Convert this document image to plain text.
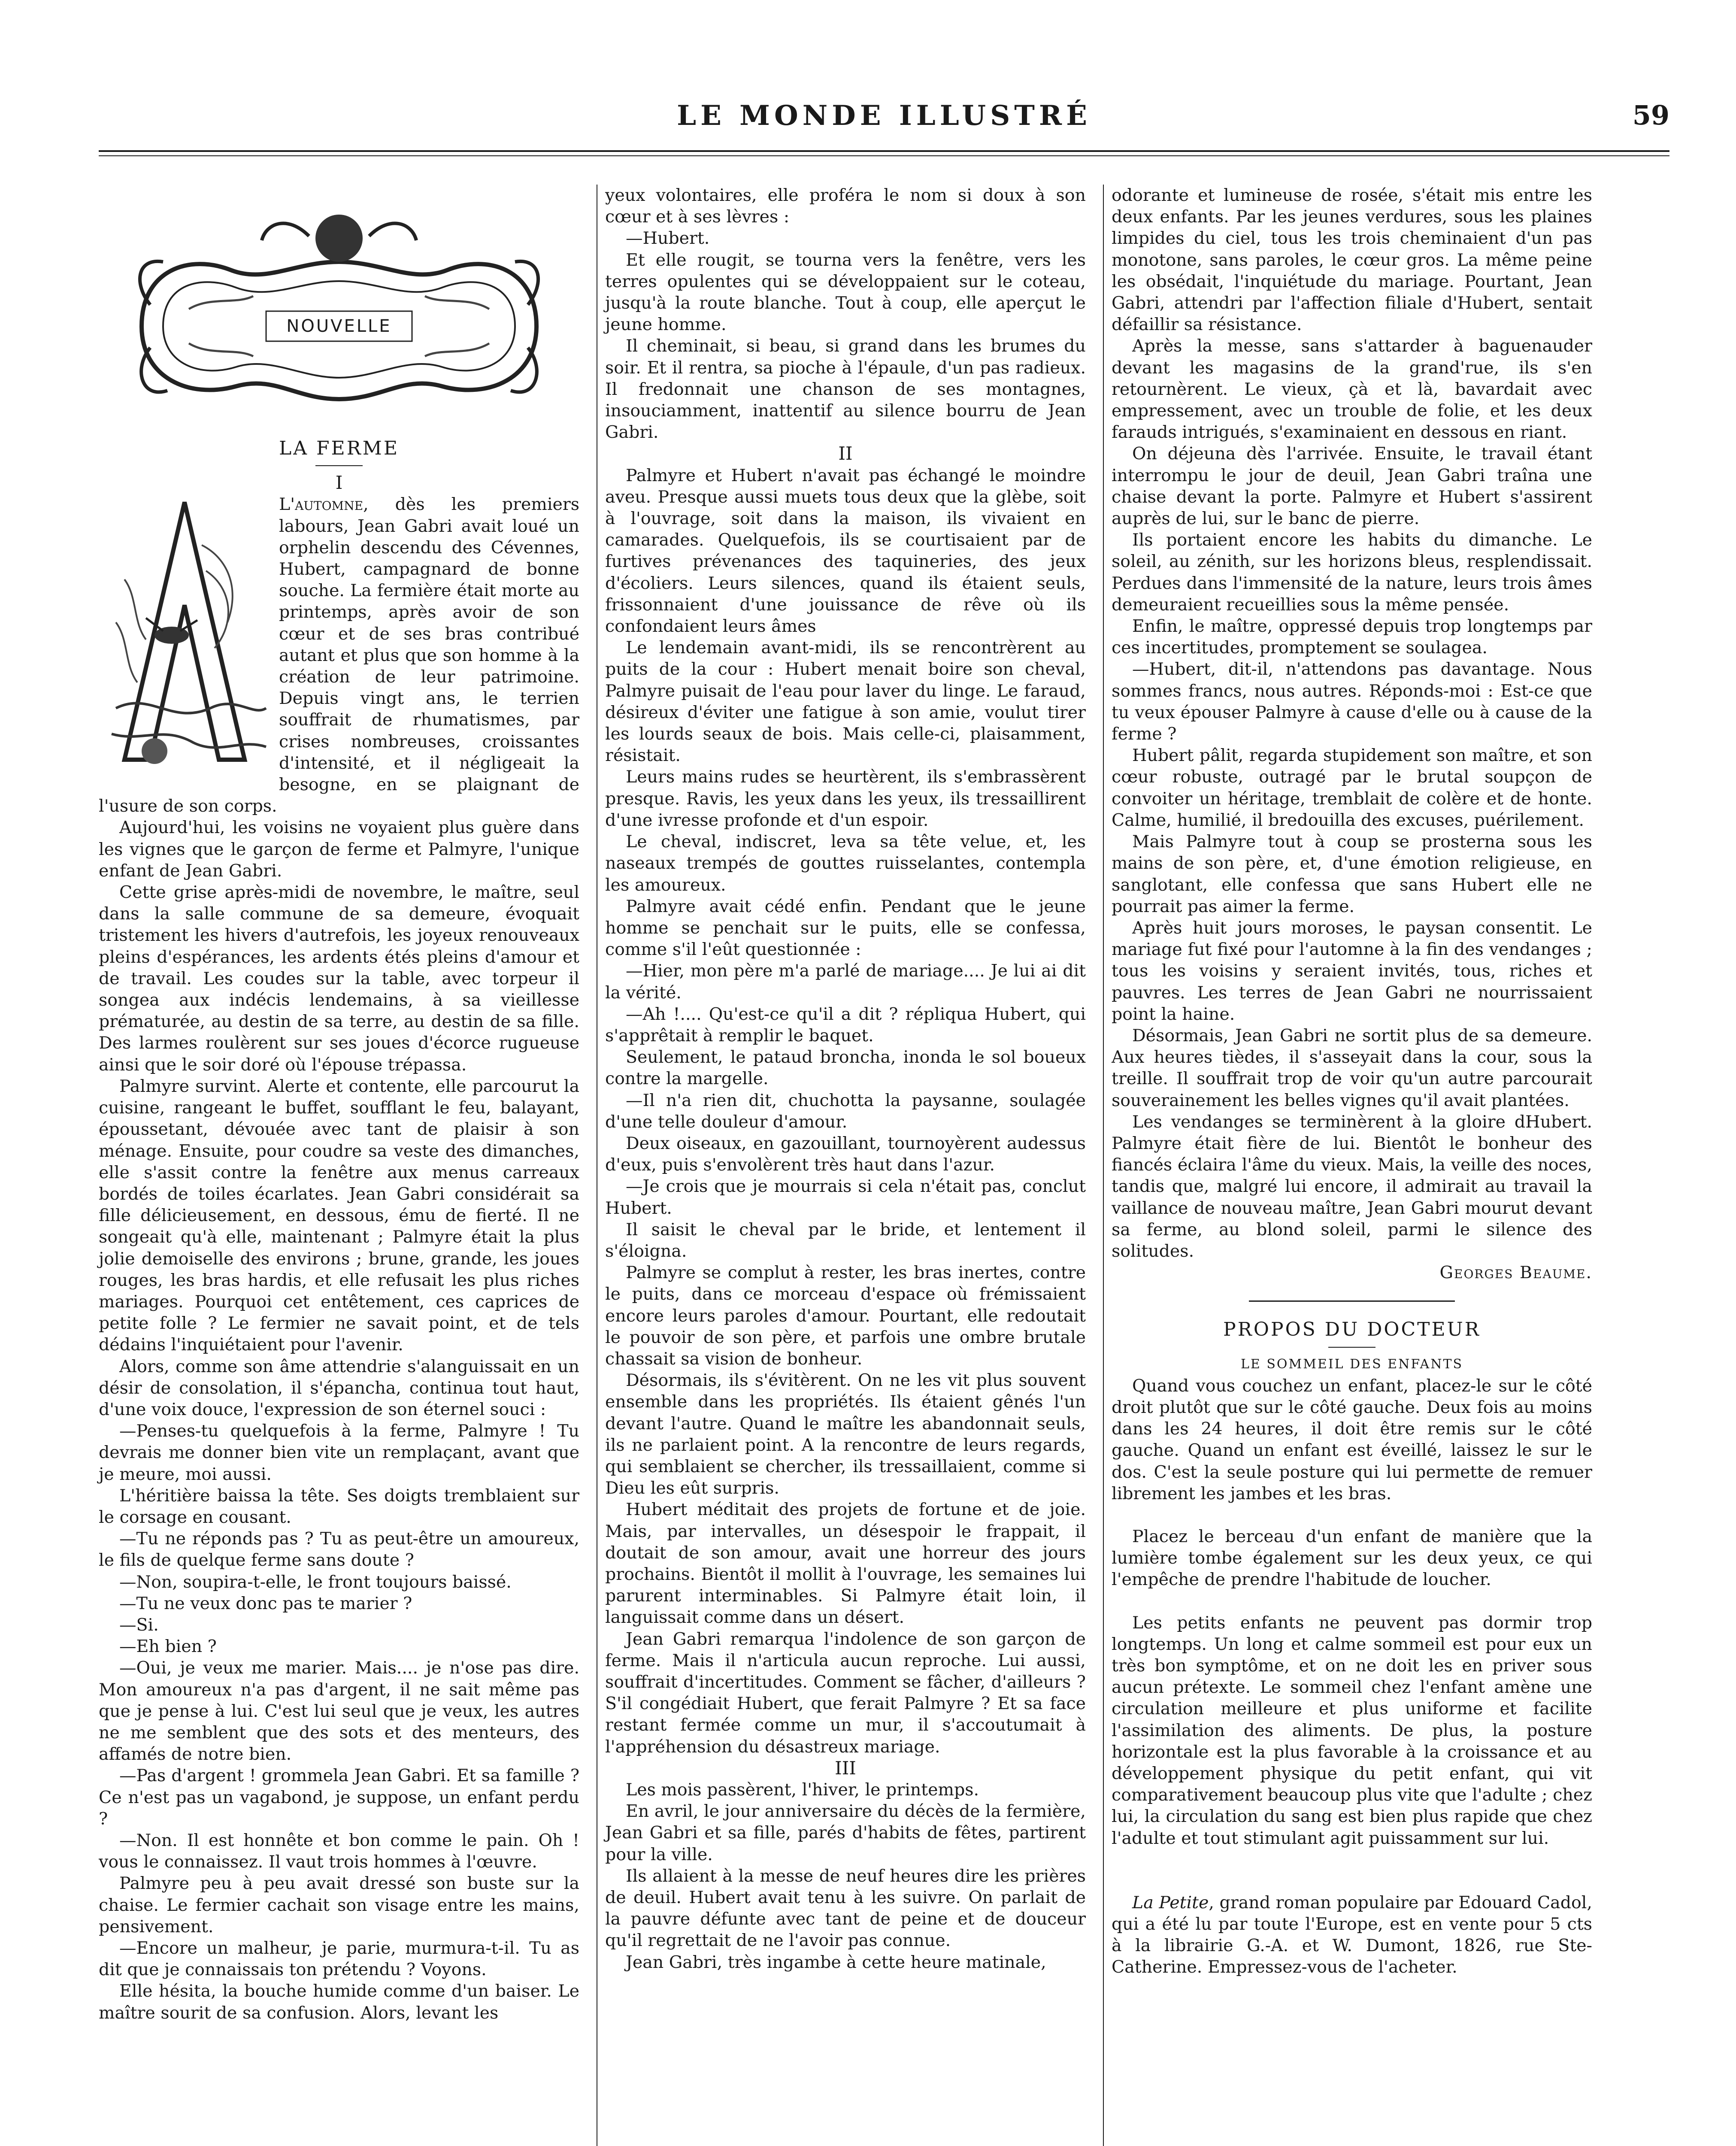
LE MONDE ILLUSTRÉ	59
NOUVELLE

LA FERME

I

L'automne, dès les premiers labours, Jean Gabri avait loué un orphelin descendu des Cévennes, Hubert, campagnard de bonne souche. La fermière était morte au printemps, après avoir de son cœur et de ses bras contribué autant et plus que son homme à la création de leur patrimoine. Depuis vingt ans, le terrien souffrait de rhumatismes, par crises nombreuses, croissantes d'intensité, et il négligeait la besogne, en se plaignant de l'usure de son corps.

Aujourd'hui, les voisins ne voyaient plus guère dans les vignes que le garçon de ferme et Palmyre, l'unique enfant de Jean Gabri.

Cette grise après-midi de novembre, le maître, seul dans la salle commune de sa demeure, évoquait tristement les hivers d'autrefois, les joyeux renouveaux pleins d'espérances, les ardents étés pleins d'amour et de travail. Les coudes sur la table, avec torpeur il songea aux indécis lendemains, à sa vieillesse prématurée, au destin de sa terre, au destin de sa fille. Des larmes roulèrent sur ses joues d'écorce rugueuse ainsi que le soir doré où l'épouse trépassa.

Palmyre survint. Alerte et contente, elle parcourut la cuisine, rangeant le buffet, soufflant le feu, balayant, époussetant, dévouée avec tant de plaisir à son ménage. Ensuite, pour coudre sa veste des dimanches, elle s'assit contre la fenêtre aux menus carreaux bordés de toiles écarlates. Jean Gabri considérait sa fille délicieusement, en dessous, ému de fierté. Il ne songeait qu'à elle, maintenant ; Palmyre était la plus jolie demoiselle des environs ; brune, grande, les joues rouges, les bras hardis, et elle refusait les plus riches mariages. Pourquoi cet entêtement, ces caprices de petite folle ? Le fermier ne savait point, et de tels dédains l'inquiétaient pour l'avenir.

Alors, comme son âme attendrie s'alanguissait en un désir de consolation, il s'épancha, continua tout haut, d'une voix douce, l'expression de son éternel souci :

—Penses-tu quelquefois à la ferme, Palmyre ! Tu devrais me donner bien vite un remplaçant, avant que je meure, moi aussi.

L'héritière baissa la tête. Ses doigts tremblaient sur le corsage en cousant.

—Tu ne réponds pas ? Tu as peut-être un amoureux, le fils de quelque ferme sans doute ?

—Non, soupira-t-elle, le front toujours baissé.

—Tu ne veux donc pas te marier ?

—Si.

—Eh bien ?

—Oui, je veux me marier. Mais.... je n'ose pas dire. Mon amoureux n'a pas d'argent, il ne sait même pas que je pense à lui. C'est lui seul que je veux, les autres ne me semblent que des sots et des menteurs, des affamés de notre bien.

—Pas d'argent ! grommela Jean Gabri. Et sa famille ? Ce n'est pas un vagabond, je suppose, un enfant perdu ?

—Non. Il est honnête et bon comme le pain. Oh ! vous le connaissez. Il vaut trois hommes à l'œuvre.

Palmyre peu à peu avait dressé son buste sur la chaise. Le fermier cachait son visage entre les mains, pensivement.

—Encore un malheur, je parie, murmura-t-il. Tu as dit que je connaissais ton prétendu ? Voyons.

Elle hésita, la bouche humide comme d'un baiser. Le maître sourit de sa confusion. Alors, levant les

yeux volontaires, elle proféra le nom si doux à son cœur et à ses lèvres :

—Hubert.

Et elle rougit, se tourna vers la fenêtre, vers les terres opulentes qui se développaient sur le coteau, jusqu'à la route blanche. Tout à coup, elle aperçut le jeune homme.

Il cheminait, si beau, si grand dans les brumes du soir. Et il rentra, sa pioche à l'épaule, d'un pas radieux. Il fredonnait une chanson de ses montagnes, insouciamment, inattentif au silence bourru de Jean Gabri.

II

Palmyre et Hubert n'avait pas échangé le moindre aveu. Presque aussi muets tous deux que la glèbe, soit à l'ouvrage, soit dans la maison, ils vivaient en camarades. Quelquefois, ils se courtisaient par de furtives prévenances des taquineries, des jeux d'écoliers. Leurs silences, quand ils étaient seuls, frissonnaient d'une jouissance de rêve où ils confondaient leurs âmes

Le lendemain avant-midi, ils se rencontrèrent au puits de la cour : Hubert menait boire son cheval, Palmyre puisait de l'eau pour laver du linge. Le faraud, désireux d'éviter une fatigue à son amie, voulut tirer les lourds seaux de bois. Mais celle-ci, plaisamment, résistait.

Leurs mains rudes se heurtèrent, ils s'embrassèrent presque. Ravis, les yeux dans les yeux, ils tressaillirent d'une ivresse profonde et d'un espoir.

Le cheval, indiscret, leva sa tête velue, et, les naseaux trempés de gouttes ruisselantes, contempla les amoureux.

Palmyre avait cédé enfin. Pendant que le jeune homme se penchait sur le puits, elle se confessa, comme s'il l'eût questionnée :

—Hier, mon père m'a parlé de mariage.... Je lui ai dit la vérité.

—Ah !.... Qu'est-ce qu'il a dit ? répliqua Hubert, qui s'apprêtait à remplir le baquet.

Seulement, le pataud broncha, inonda le sol boueux contre la margelle.

—Il n'a rien dit, chuchotta la paysanne, soulagée d'une telle douleur d'amour.

Deux oiseaux, en gazouillant, tournoyèrent audessus d'eux, puis s'envolèrent très haut dans l'azur.

—Je crois que je mourrais si cela n'était pas, conclut Hubert.

Il saisit le cheval par le bride, et lentement il s'éloigna.

Palmyre se complut à rester, les bras inertes, contre le puits, dans ce morceau d'espace où frémissaient encore leurs paroles d'amour. Pourtant, elle redoutait le pouvoir de son père, et parfois une ombre brutale chassait sa vision de bonheur.

Désormais, ils s'évitèrent. On ne les vit plus souvent ensemble dans les propriétés. Ils étaient gênés l'un devant l'autre. Quand le maître les abandonnait seuls, ils ne parlaient point. A la rencontre de leurs regards, qui semblaient se chercher, ils tressaillaient, comme si Dieu les eût surpris.

Hubert méditait des projets de fortune et de joie. Mais, par intervalles, un désespoir le frappait, il doutait de son amour, avait une horreur des jours prochains. Bientôt il mollit à l'ouvrage, les semaines lui parurent interminables. Si Palmyre était loin, il languissait comme dans un désert.

Jean Gabri remarqua l'indolence de son garçon de ferme. Mais il n'articula aucun reproche. Lui aussi, souffrait d'incertitudes. Comment se fâcher, d'ailleurs ? S'il congédiait Hubert, que ferait Palmyre ? Et sa face restant fermée comme un mur, il s'accoutumait à l'appréhension du désastreux mariage.

III

Les mois passèrent, l'hiver, le printemps.

En avril, le jour anniversaire du décès de la fermière, Jean Gabri et sa fille, parés d'habits de fêtes, partirent pour la ville.

Ils allaient à la messe de neuf heures dire les prières de deuil. Hubert avait tenu à les suivre. On parlait de la pauvre défunte avec tant de peine et de douceur qu'il regrettait de ne l'avoir pas connue.

Jean Gabri, très ingambe à cette heure matinale,

odorante et lumineuse de rosée, s'était mis entre les deux enfants. Par les jeunes verdures, sous les plaines limpides du ciel, tous les trois cheminaient d'un pas monotone, sans paroles, le cœur gros. La même peine les obsédait, l'inquiétude du mariage. Pourtant, Jean Gabri, attendri par l'affection filiale d'Hubert, sentait défaillir sa résistance.

Après la messe, sans s'attarder à baguenauder devant les magasins de la grand'rue, ils s'en retournèrent. Le vieux, çà et là, bavardait avec empressement, avec un trouble de folie, et les deux farauds intrigués, s'examinaient en dessous en riant.

On déjeuna dès l'arrivée. Ensuite, le travail étant interrompu le jour de deuil, Jean Gabri traîna une chaise devant la porte. Palmyre et Hubert s'assirent auprès de lui, sur le banc de pierre.

Ils portaient encore les habits du dimanche. Le soleil, au zénith, sur les horizons bleus, resplendissait. Perdues dans l'immensité de la nature, leurs trois âmes demeuraient recueillies sous la même pensée.

Enfin, le maître, oppressé depuis trop longtemps par ces incertitudes, promptement se soulagea.

—Hubert, dit-il, n'attendons pas davantage. Nous sommes francs, nous autres. Réponds-moi : Est-ce que tu veux épouser Palmyre à cause d'elle ou à cause de la ferme ?

Hubert pâlit, regarda stupidement son maître, et son cœur robuste, outragé par le brutal soupçon de convoiter un héritage, tremblait de colère et de honte. Calme, humilié, il bredouilla des excuses, puérilement.

Mais Palmyre tout à coup se prosterna sous les mains de son père, et, d'une émotion religieuse, en sanglotant, elle confessa que sans Hubert elle ne pourrait pas aimer la ferme.

Après huit jours moroses, le paysan consentit. Le mariage fut fixé pour l'automne à la fin des vendanges ; tous les voisins y seraient invités, tous, riches et pauvres. Les terres de Jean Gabri ne nourrissaient point la haine.

Désormais, Jean Gabri ne sortit plus de sa demeure. Aux heures tièdes, il s'asseyait dans la cour, sous la treille. Il souffrait trop de voir qu'un autre parcourait souverainement les belles vignes qu'il avait plantées.

Les vendanges se terminèrent à la gloire dHubert. Palmyre était fière de lui. Bientôt le bonheur des fiancés éclaira l'âme du vieux. Mais, la veille des noces, tandis que, malgré lui encore, il admirait au travail la vaillance de nouveau maître, Jean Gabri mourut devant sa ferme, au blond soleil, parmi le silence des solitudes.

Georges Beaume.

PROPOS DU DOCTEUR

LE SOMMEIL DES ENFANTS

Quand vous couchez un enfant, placez-le sur le côté droit plutôt que sur le côté gauche. Deux fois au moins dans les 24 heures, il doit être remis sur le côté gauche. Quand un enfant est éveillé, laissez le sur le dos. C'est la seule posture qui lui permette de remuer librement les jambes et les bras.

Placez le berceau d'un enfant de manière que la lumière tombe également sur les deux yeux, ce qui l'empêche de prendre l'habitude de loucher.

Les petits enfants ne peuvent pas dormir trop longtemps. Un long et calme sommeil est pour eux un très bon symptôme, et on ne doit les en priver sous aucun prétexte. Le sommeil chez l'enfant amène une circulation meilleure et plus uniforme et facilite l'assimilation des aliments. De plus, la posture horizontale est la plus favorable à la croissance et au développement physique du petit enfant, qui vit comparativement beaucoup plus vite que l'adulte ; chez lui, la circulation du sang est bien plus rapide que chez l'adulte et tout stimulant agit puissamment sur lui.

La Petite, grand roman populaire par Edouard Cadol, qui a été lu par toute l'Europe, est en vente pour 5 cts à la librairie G.-A. et W. Dumont, 1826, rue Ste-Catherine. Empressez-vous de l'acheter.
